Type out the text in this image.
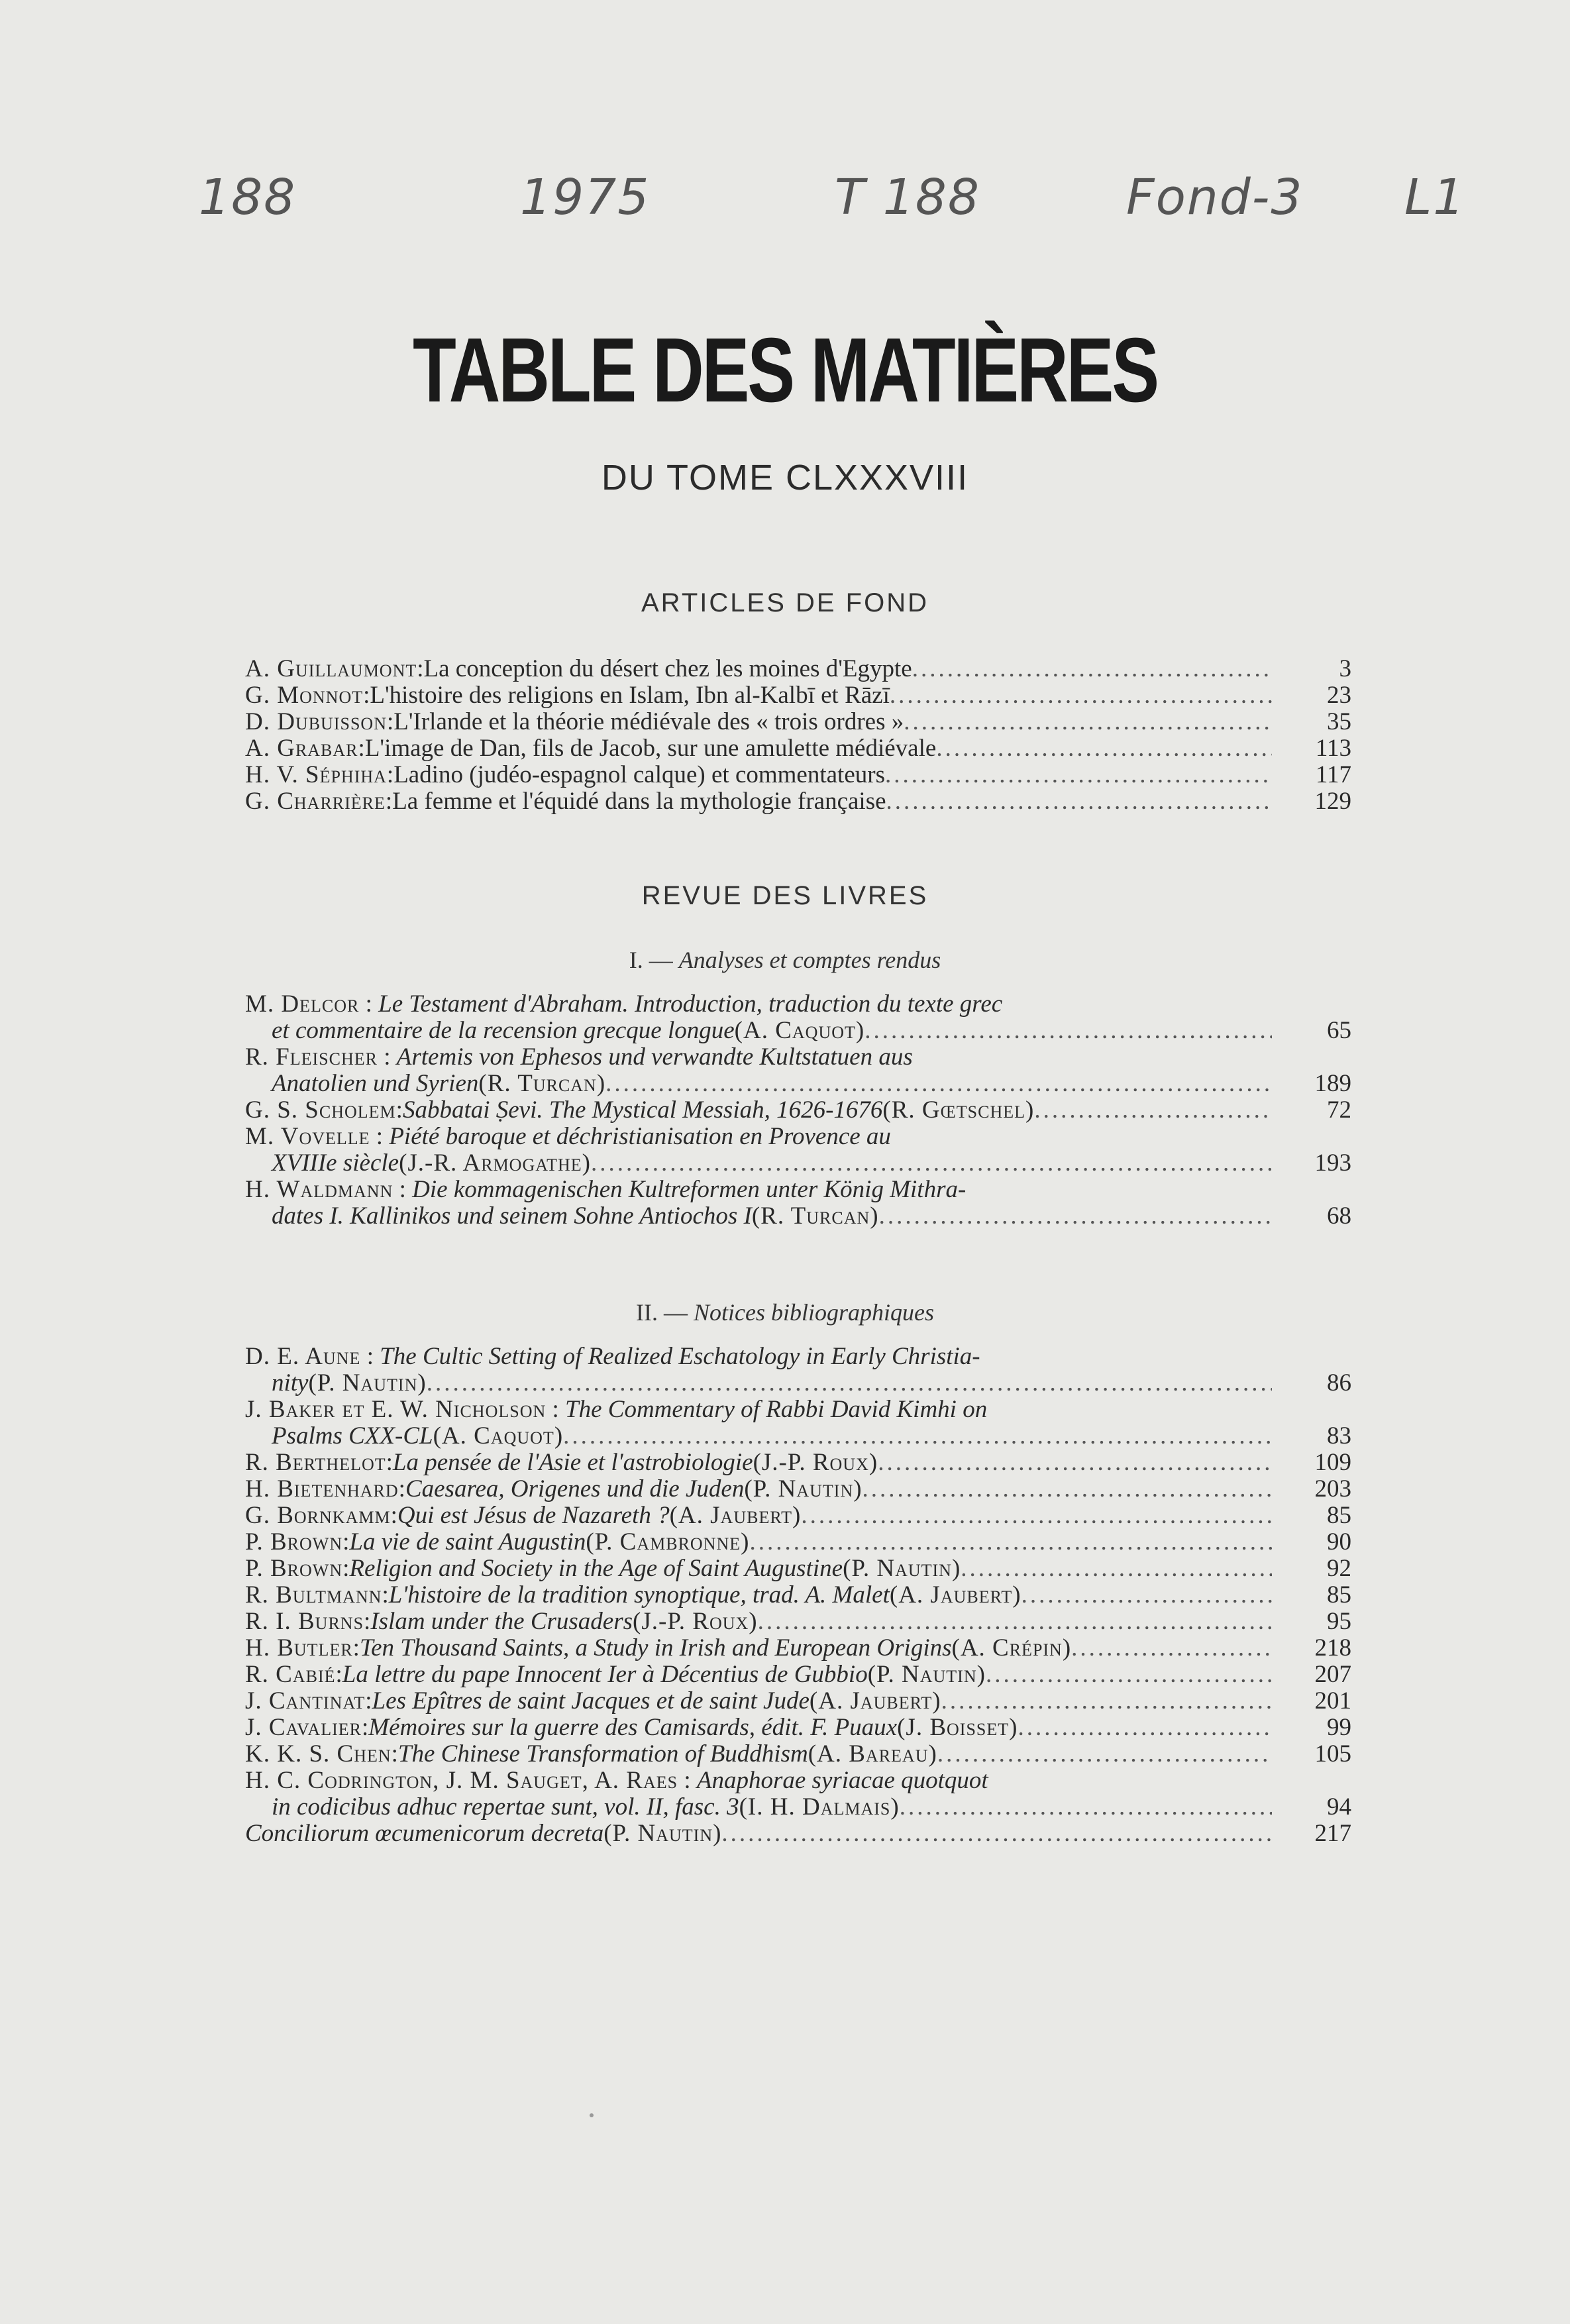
188	1975	T 188	Fond-3 L1
TABLE DES MATIÈRES
DU TOME CLXXXVIII
ARTICLES DE FOND
A. Guillaumont : La conception du désert chez les moines d'Egypte .....	3
G. Monnot : L'histoire des religions en Islam, Ibn al-Kalbī et Rāzī .....	23
D. Dubuisson : L'Irlande et la théorie médiévale des « trois ordres » .....	35
A. Grabar : L'image de Dan, fils de Jacob, sur une amulette médiévale .....	113
H. V. Séphiha : Ladino (judéo-espagnol calque) et commentateurs .....	117
G. Charrière : La femme et l'équidé dans la mythologie française .....	129
REVUE DES LIVRES
I. — Analyses et comptes rendus
M. Delcor : Le Testament d'Abraham. Introduction, traduction du texte grec
et commentaire de la recension grecque longue (A. Caquot) .....	65
R. Fleischer : Artemis von Ephesos und verwandte Kultstatuen aus
Anatolien und Syrien (R. Turcan) .....	189
G. S. Scholem : Sabbatai Ṣevi. The Mystical Messiah, 1626-1676 (R. Gœtschel) .....	72
M. Vovelle : Piété baroque et déchristianisation en Provence au
XVIIIe siècle (J.-R. Armogathe) .....	193
H. Waldmann : Die kommagenischen Kultreformen unter König Mithra-
dates I. Kallinikos und seinem Sohne Antiochos I (R. Turcan) .....	68
II. — Notices bibliographiques
D. E. Aune : The Cultic Setting of Realized Eschatology in Early Christia-
nity (P. Nautin) .....	86
J. Baker et E. W. Nicholson : The Commentary of Rabbi David Kimhi on
Psalms CXX-CL (A. Caquot) .....	83
R. Berthelot : La pensée de l'Asie et l'astrobiologie (J.-P. Roux) .....	109
H. Bietenhard : Caesarea, Origenes und die Juden (P. Nautin) .....	203
G. Bornkamm : Qui est Jésus de Nazareth ? (A. Jaubert) .....	85
P. Brown : La vie de saint Augustin (P. Cambronne) .....	90
P. Brown : Religion and Society in the Age of Saint Augustine (P. Nautin) .....	92
R. Bultmann : L'histoire de la tradition synoptique, trad. A. Malet (A. Jaubert) .....	85
R. I. Burns : Islam under the Crusaders (J.-P. Roux) .....	95
H. Butler : Ten Thousand Saints, a Study in Irish and European Origins (A. Crépin) .....	218
R. Cabié : La lettre du pape Innocent Ier à Décentius de Gubbio (P. Nautin) .....	207
J. Cantinat : Les Epîtres de saint Jacques et de saint Jude (A. Jaubert) .....	201
J. Cavalier : Mémoires sur la guerre des Camisards, édit. F. Puaux (J. Boisset) .....	99
K. K. S. Chen : The Chinese Transformation of Buddhism (A. Bareau) .....	105
H. C. Codrington, J. M. Sauget, A. Raes : Anaphorae syriacae quotquot
in codicibus adhuc repertae sunt, vol. II, fasc. 3 (I. H. Dalmais) .....	94
Conciliorum œcumenicorum decreta (P. Nautin) .....	217
